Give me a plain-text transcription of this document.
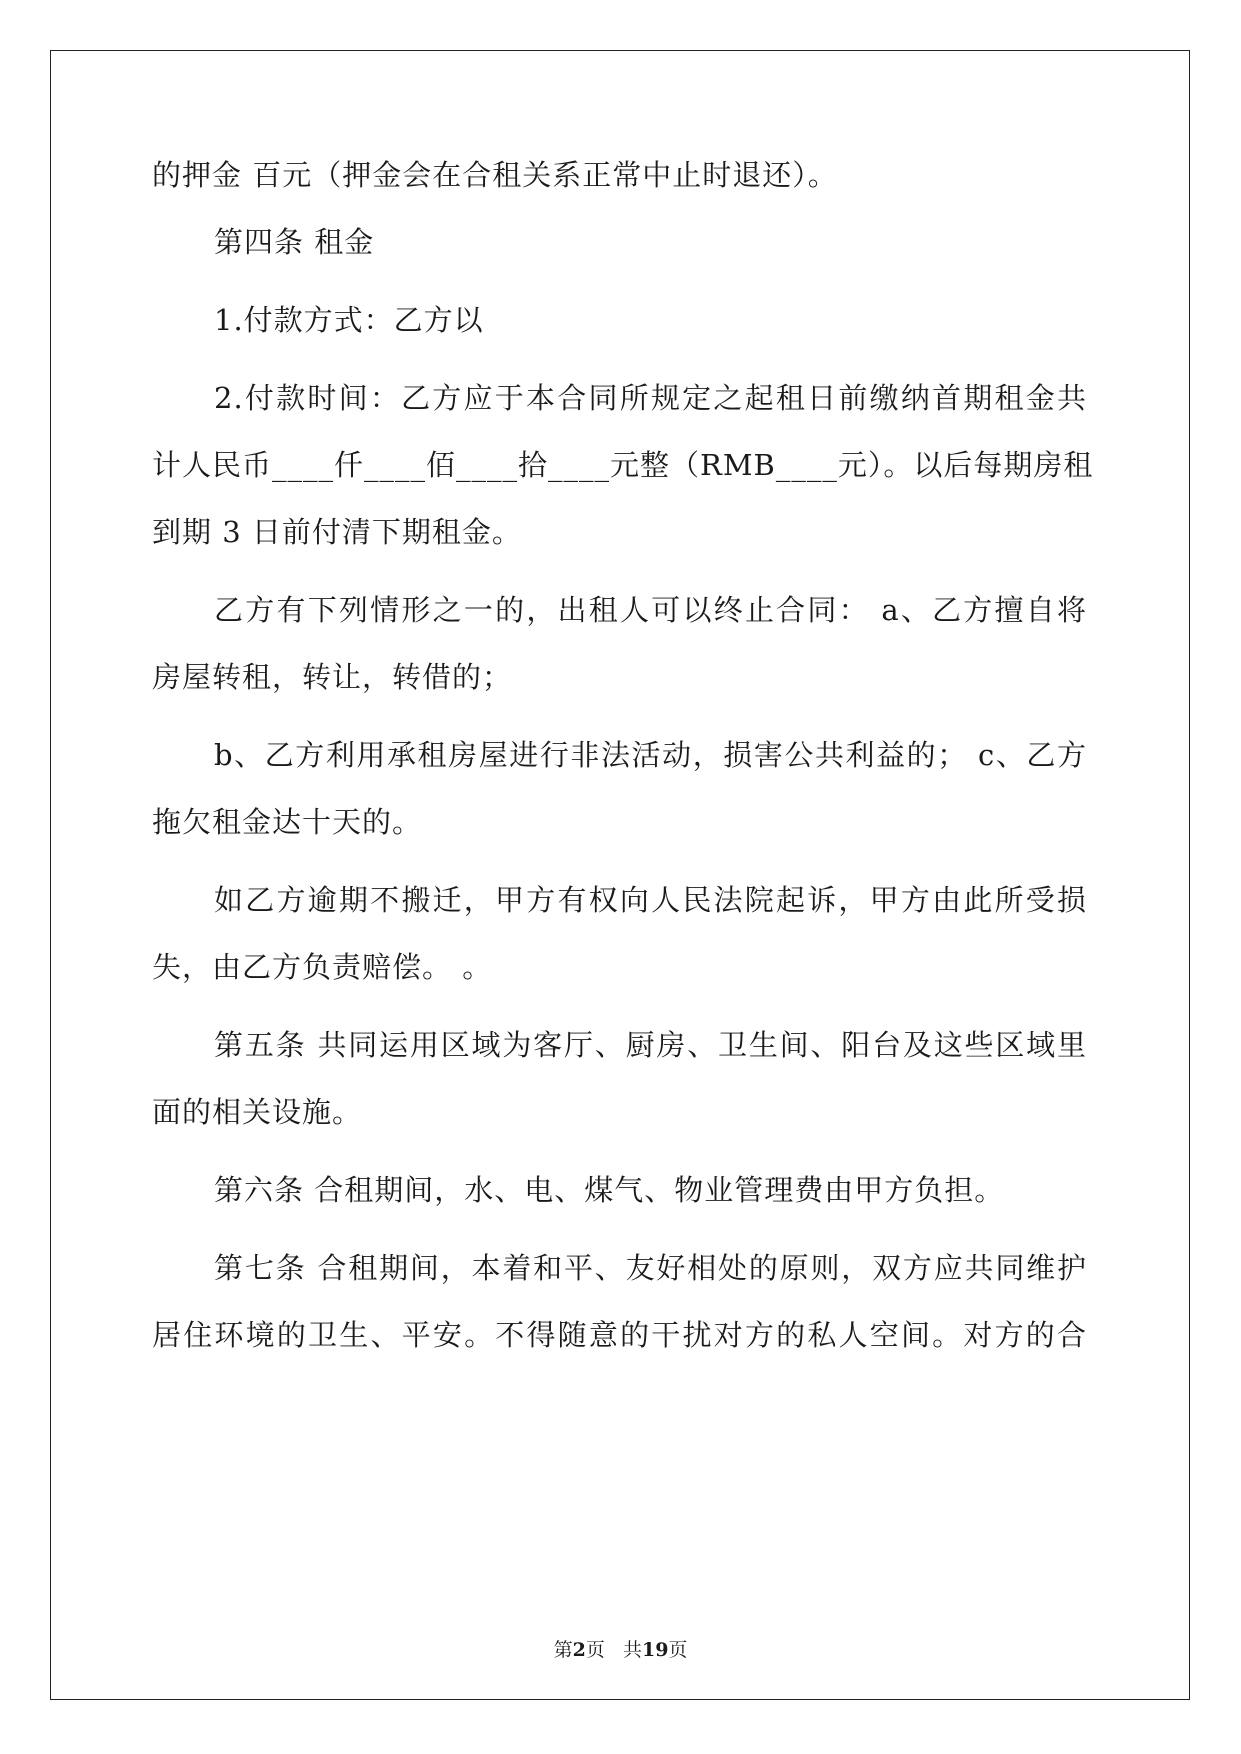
的押金 百元（押金会在合租关系正常中止时退还）。
第四条 租金
1.付款方式：乙方以
2.付款时间：乙方应于本合同所规定之起租日前缴纳首期租金共
计人民币____仟____佰____拾____元整（RMB____元）。以后每期房租
到期 3 日前付清下期租金。
乙方有下列情形之一的，出租人可以终止合同： a、乙方擅自将
房屋转租，转让，转借的；
b、乙方利用承租房屋进行非法活动，损害公共利益的； c、乙方
拖欠租金达十天的。
如乙方逾期不搬迁，甲方有权向人民法院起诉，甲方由此所受损
失，由乙方负责赔偿。 。
第五条 共同运用区域为客厅、厨房、卫生间、阳台及这些区域里
面的相关设施。
第六条 合租期间，水、电、煤气、物业管理费由甲方负担。
第七条 合租期间，本着和平、友好相处的原则，双方应共同维护
居住环境的卫生、平安。不得随意的干扰对方的私人空间。对方的合
第2页 共19页
